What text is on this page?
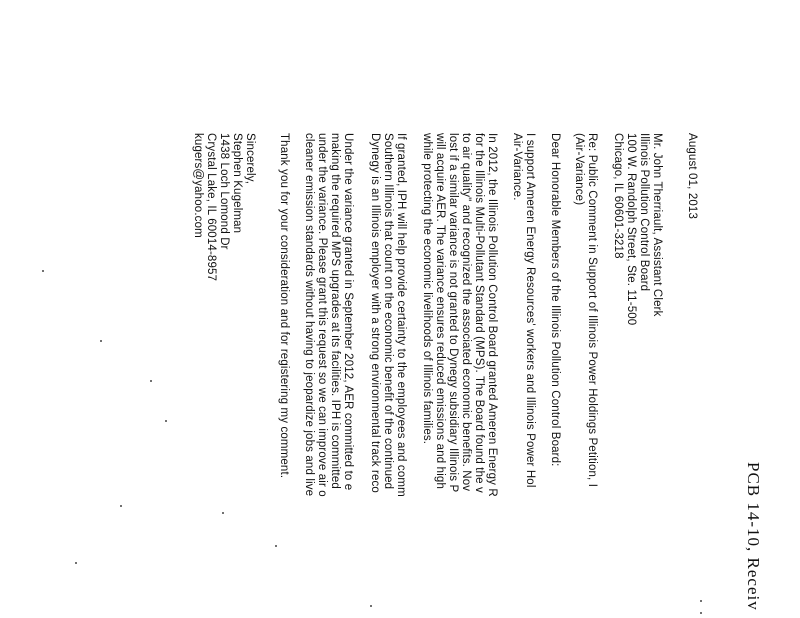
PCB 14-10, Receiv
August 01, 2013
Mr. John Therriault, Assistant Clerk
Illinois Pollution Control Board
100 W. Randolph Street, Ste. 11-500
Chicago, IL 60601-3218
Re: Public Comment in Support of Illinois Power Holdings Petition, I
(Air-Variance)
Dear Honorable Members of the Illinois Pollution Control Board:
I support Ameren Energy Resources' workers and Illinois Power Hol
Air-Variance.
In 2012, the Illinois Pollution Control Board granted Ameren Energy R
for the Illinois Multi-Pollutant Standard (MPS). The Board found the v
to air quality" and recognized the associated economic benefits. Nov
lost if a similar variance is not granted to Dynegy subsidiary Illinois P
will acquire AER. The variance ensures reduced emissions and high
while protecting the economic livelihoods of Illinois families.
If granted, IPH will help provide certainty to the employees and comm
Southern Illinois that count on the economic benefit of the continued
Dynegy is an Illinois employer with a strong environmental track reco
Under the variance granted in September 2012, AER committed to e
making the required MPS upgrades at its facilities. IPH is committed
under the variance. Please grant this request so we can improve air o
cleaner emission standards without having to jeopardize jobs and live
Thank you for your consideration and for registering my comment.
Sincerely,
Stephen Kugelman
1438 Loch Lomond Dr
Crystal Lake, IL 60014-8957
kugers@yahoo.com
